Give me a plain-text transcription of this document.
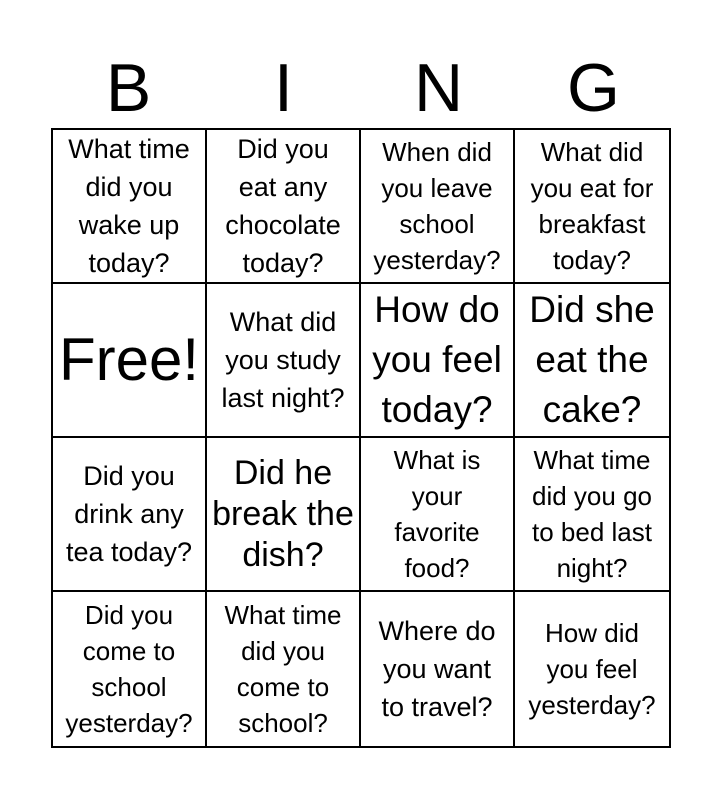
B	I	N	G
What time
did you
wake up
today?
Did you
eat any
chocolate
today?
When did
you leave
school
yesterday?
What did
you eat for
breakfast
today?
Free!
What did
you study
last night?
How do
you feel
today?
Did she
eat the
cake?
Did you
drink any
tea today?
Did he
break the
dish?
What is
your
favorite
food?
What time
did you go
to bed last
night?
Did you
come to
school
yesterday?
What time
did you
come to
school?
Where do
you want
to travel?
How did
you feel
yesterday?
